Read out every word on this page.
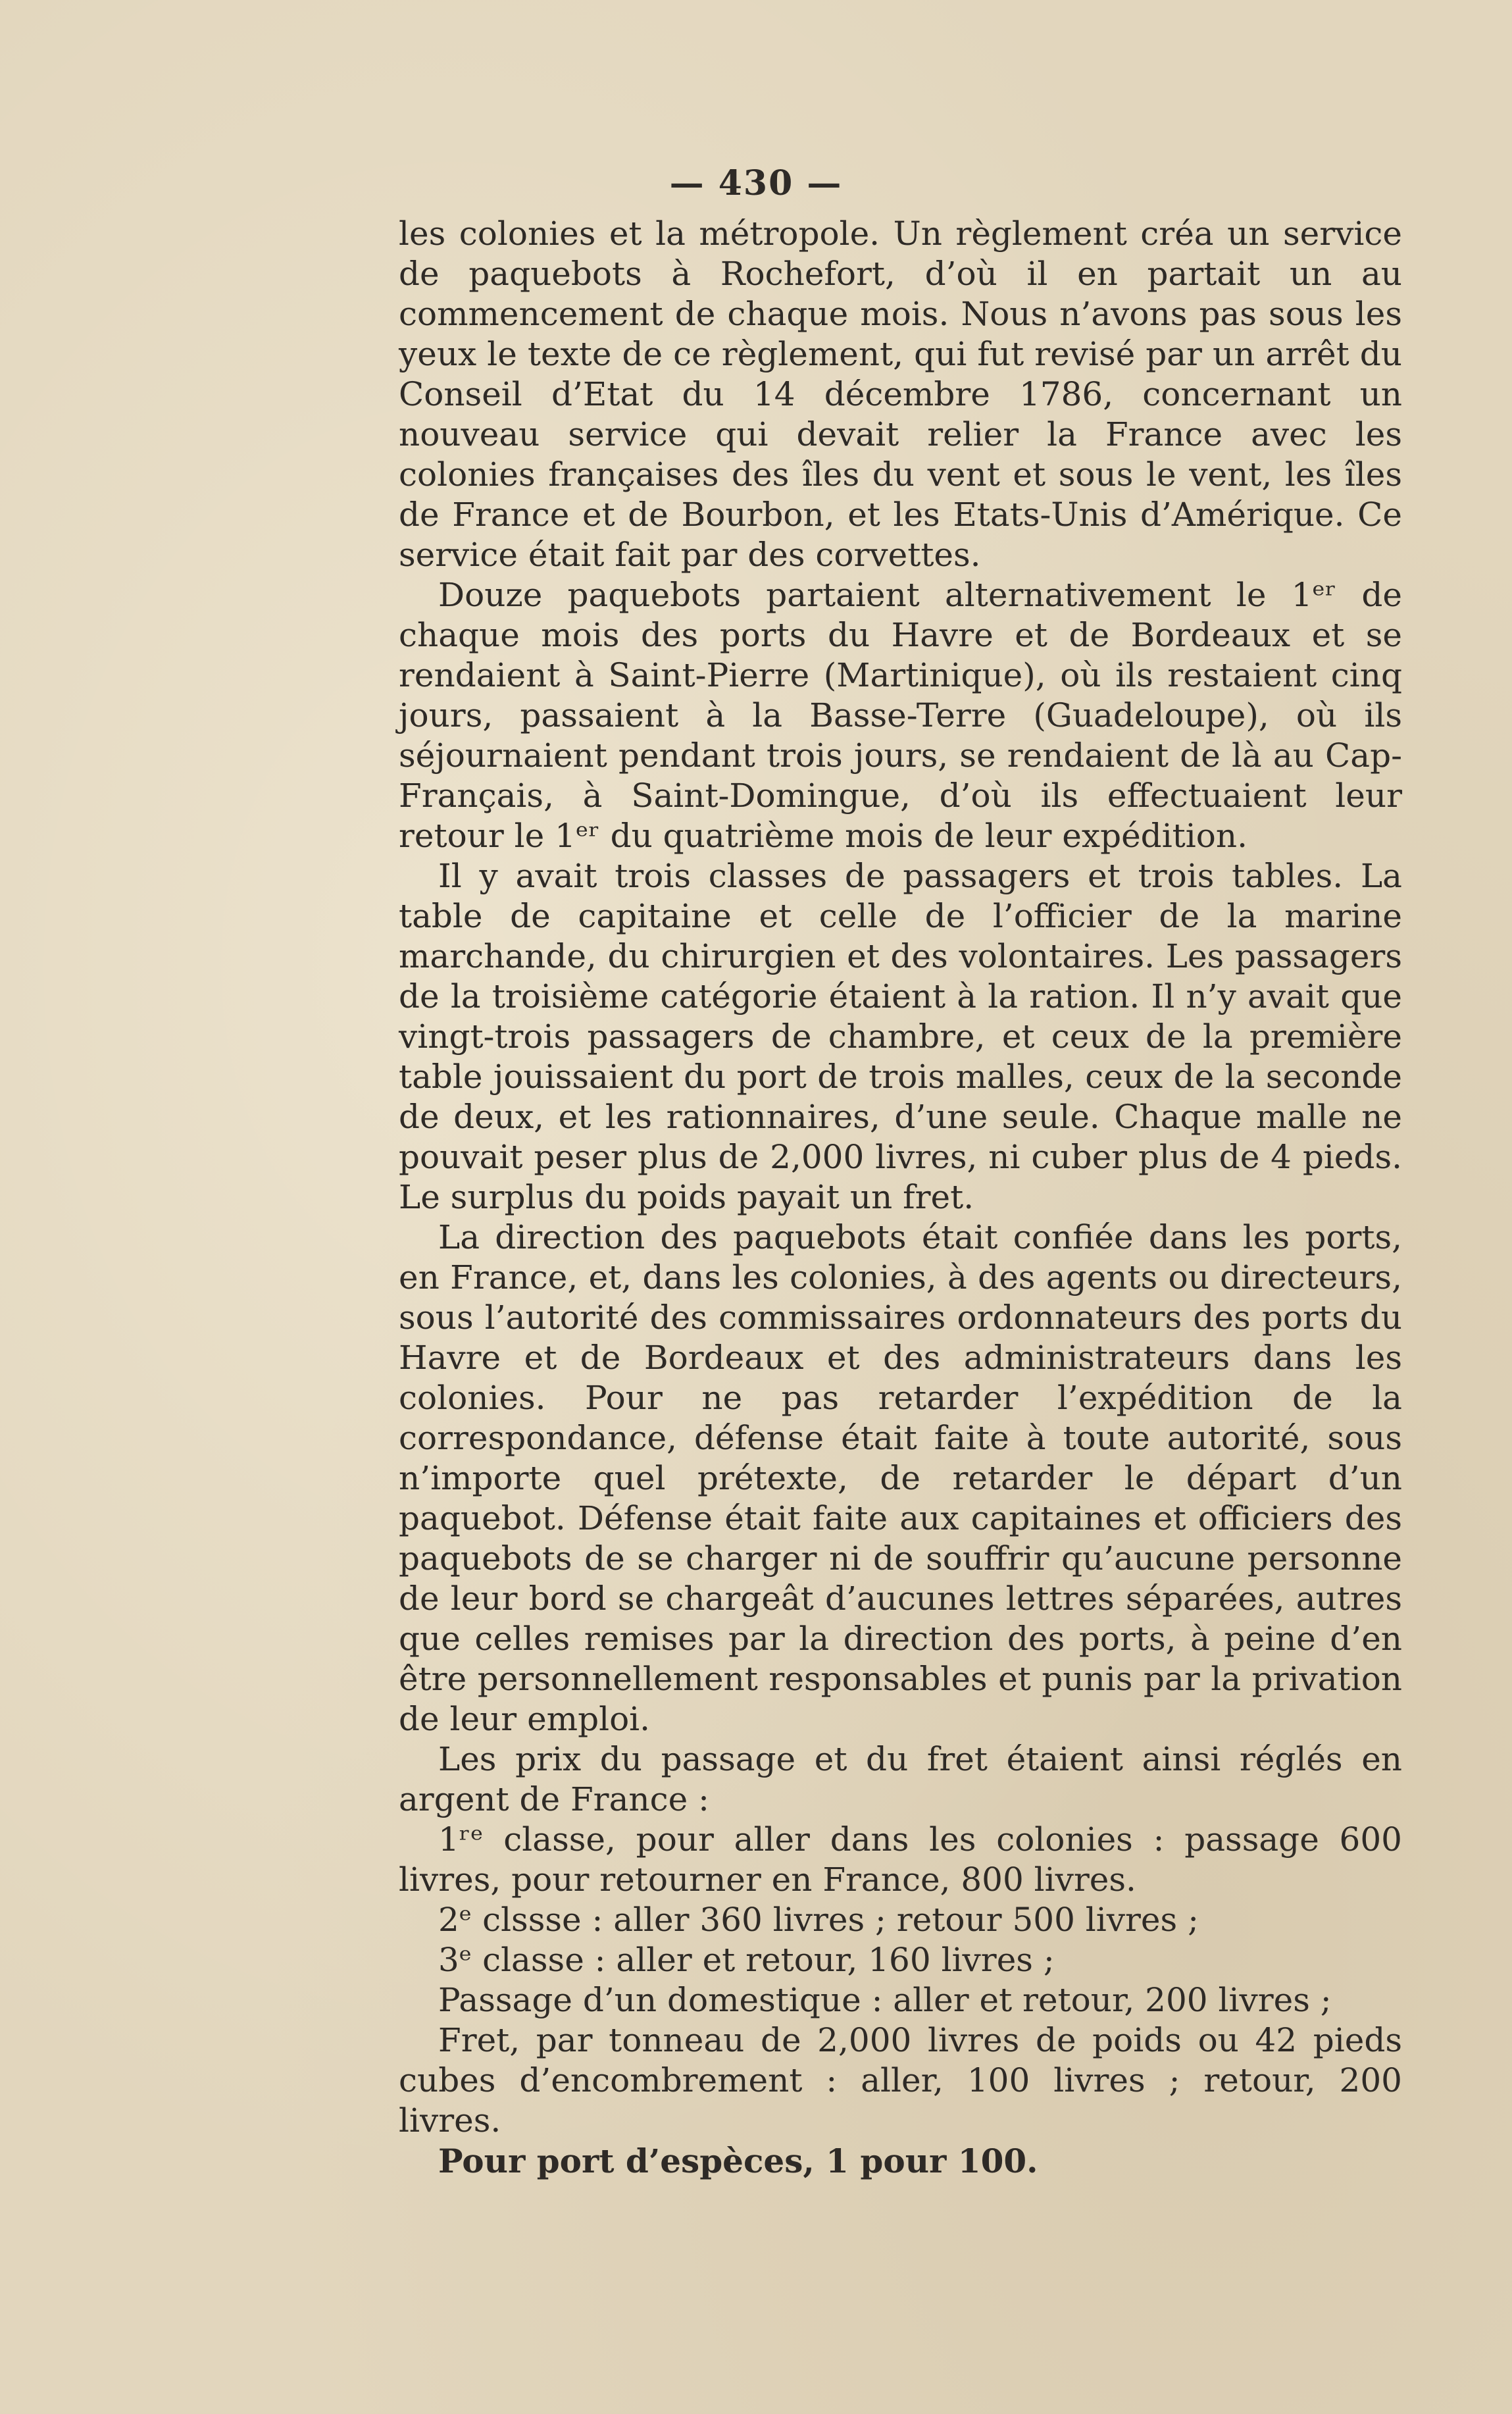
— 430 —

les colonies et la métropole. Un règlement créa un service de paquebots à Rochefort, d’où il en partait un au commencement de chaque mois. Nous n’avons pas sous les yeux le texte de ce règlement, qui fut revisé par un arrêt du Conseil d’Etat du 14 décembre 1786, concernant un nouveau service qui devait relier la France avec les colonies françaises des îles du vent et sous le vent, les îles de France et de Bourbon, et les Etats-Unis d’Amérique. Ce service était fait par des corvettes.

Douze paquebots partaient alternativement le 1ᵉʳ de chaque mois des ports du Havre et de Bordeaux et se rendaient à Saint-Pierre (Martinique), où ils restaient cinq jours, passaient à la Basse-Terre (Guadeloupe), où ils séjournaient pendant trois jours, se rendaient de là au Cap-Français, à Saint-Domingue, d’où ils effectuaient leur retour le 1ᵉʳ du quatrième mois de leur expédition.

Il y avait trois classes de passagers et trois tables. La table de capitaine et celle de l’officier de la marine marchande, du chirurgien et des volontaires. Les passagers de la troisième catégorie étaient à la ration. Il n’y avait que vingt-trois passagers de chambre, et ceux de la première table jouissaient du port de trois malles, ceux de la seconde de deux, et les rationnaires, d’une seule. Chaque malle ne pouvait peser plus de 2,000 livres, ni cuber plus de 4 pieds. Le surplus du poids payait un fret.

La direction des paquebots était confiée dans les ports, en France, et, dans les colonies, à des agents ou directeurs, sous l’autorité des commissaires ordonnateurs des ports du Havre et de Bordeaux et des administrateurs dans les colonies. Pour ne pas retarder l’expédition de la correspondance, défense était faite à toute autorité, sous n’importe quel prétexte, de retarder le départ d’un paquebot. Défense était faite aux capitaines et officiers des paquebots de se charger ni de souffrir qu’aucune personne de leur bord se chargeât d’aucunes lettres séparées, autres que celles remises par la direction des ports, à peine d’en être personnellement responsables et punis par la privation de leur emploi.

Les prix du passage et du fret étaient ainsi réglés en argent de France :

1ʳᵉ classe, pour aller dans les colonies : passage 600 livres, pour retourner en France, 800 livres.

2ᵉ clssse : aller 360 livres ; retour 500 livres ;

3ᵉ classe : aller et retour, 160 livres ;

Passage d’un domestique : aller et retour, 200 livres ;

Fret, par tonneau de 2,000 livres de poids ou 42 pieds cubes d’encombrement : aller, 100 livres ; retour, 200 livres.

Pour port d’espèces, 1 pour 100.
